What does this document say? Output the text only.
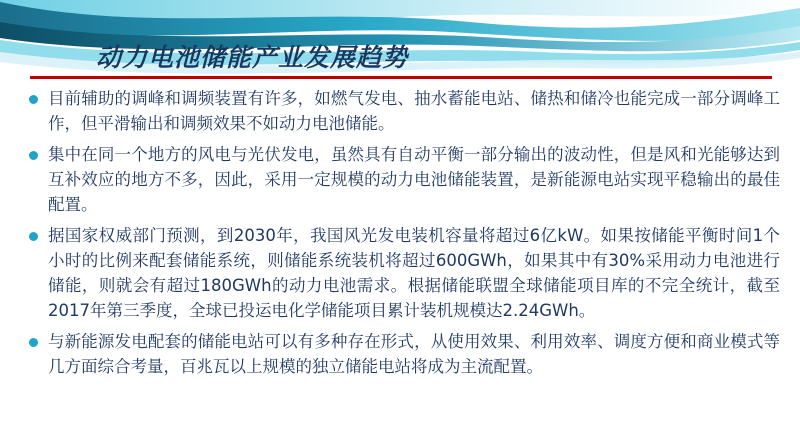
动力电池储能产业发展趋势
目前辅助的调峰和调频装置有许多，如燃气发电、抽水蓄能电站、储热和储冷也能完成一部分调峰工作，但平滑输出和调频效果不如动力电池储能。
集中在同一个地方的风电与光伏发电，虽然具有自动平衡一部分输出的波动性，但是风和光能够达到互补效应的地方不多，因此，采用一定规模的动力电池储能装置，是新能源电站实现平稳输出的最佳配置。
据国家权威部门预测，到2030年，我国风光发电装机容量将超过6亿kW。如果按储能平衡时间1个小时的比例来配套储能系统，则储能系统装机将超过600GWh，如果其中有30%采用动力电池进行储能，则就会有超过180GWh的动力电池需求。根据储能联盟全球储能项目库的不完全统计，截至2017年第三季度，全球已投运电化学储能项目累计装机规模达2.24GWh。
与新能源发电配套的储能电站可以有多种存在形式，从使用效果、利用效率、调度方便和商业模式等几方面综合考量，百兆瓦以上规模的独立储能电站将成为主流配置。
